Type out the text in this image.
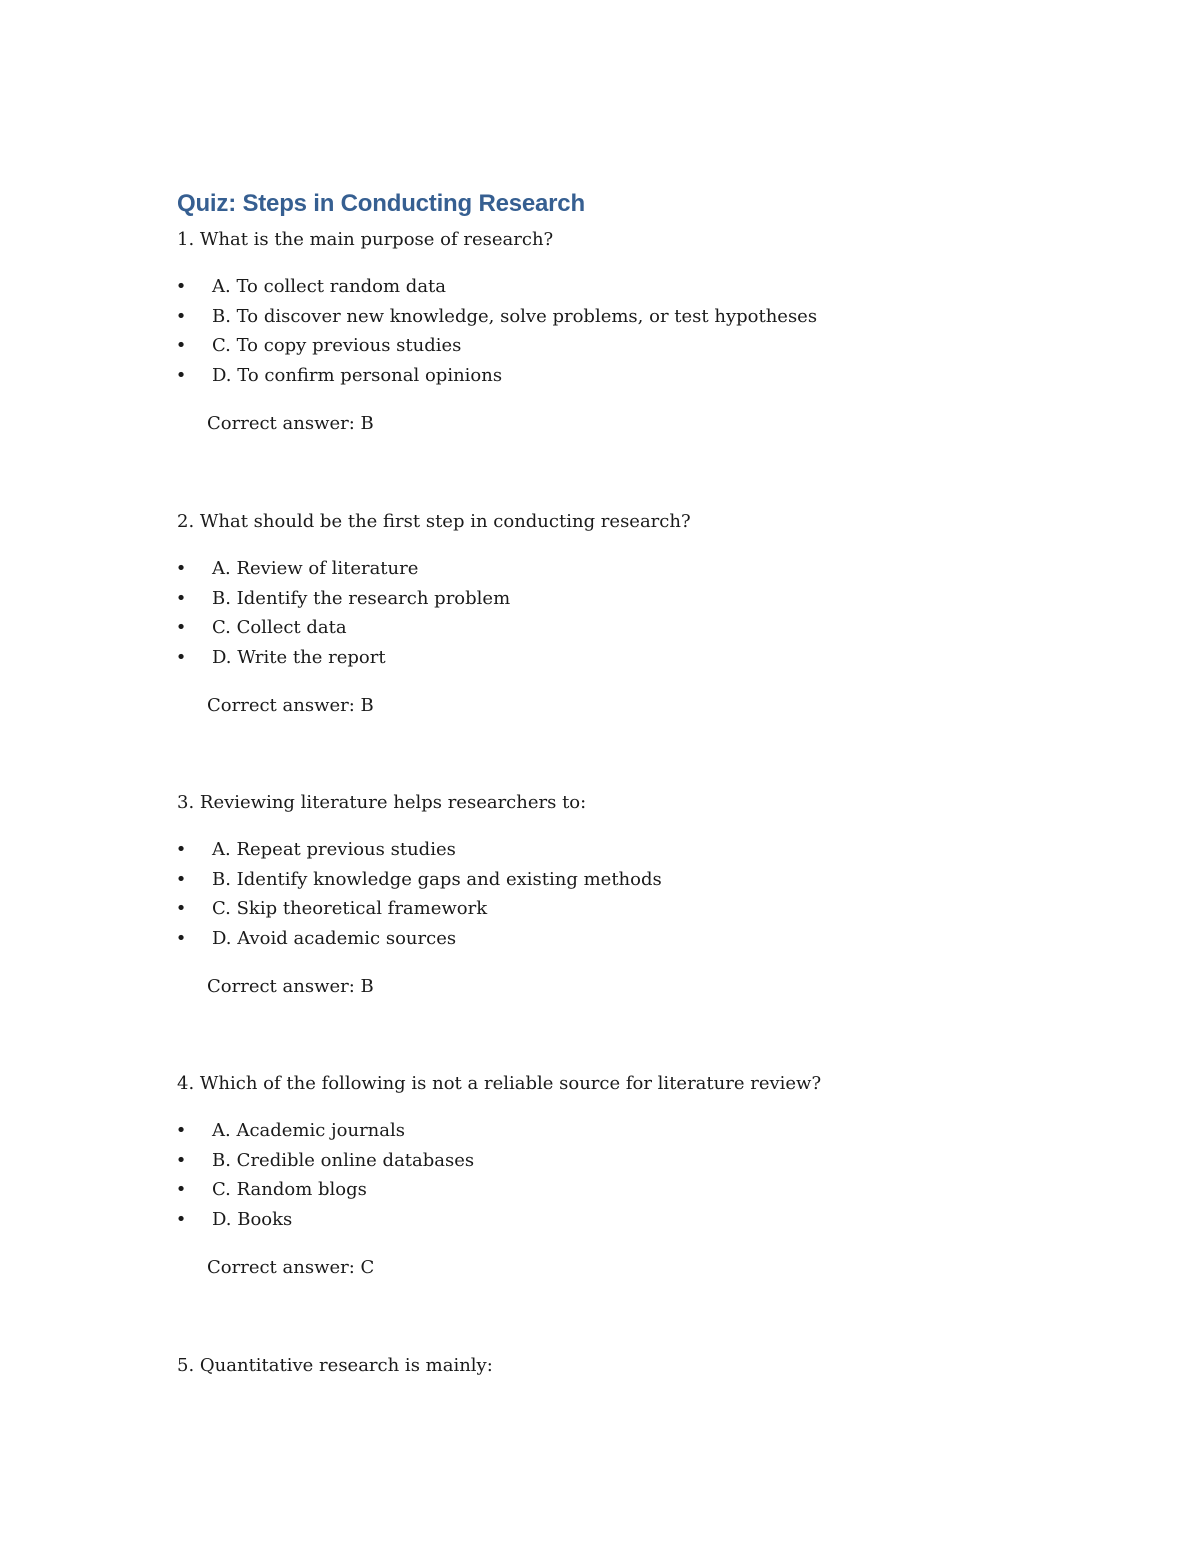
Quiz: Steps in Conducting Research

1. What is the main purpose of research?

• A. To collect random data
• B. To discover new knowledge, solve problems, or test hypotheses
• C. To copy previous studies
• D. To confirm personal opinions

Correct answer: B

2. What should be the first step in conducting research?

• A. Review of literature
• B. Identify the research problem
• C. Collect data
• D. Write the report

Correct answer: B

3. Reviewing literature helps researchers to:

• A. Repeat previous studies
• B. Identify knowledge gaps and existing methods
• C. Skip theoretical framework
• D. Avoid academic sources

Correct answer: B

4. Which of the following is not a reliable source for literature review?

• A. Academic journals
• B. Credible online databases
• C. Random blogs
• D. Books

Correct answer: C

5. Quantitative research is mainly:
